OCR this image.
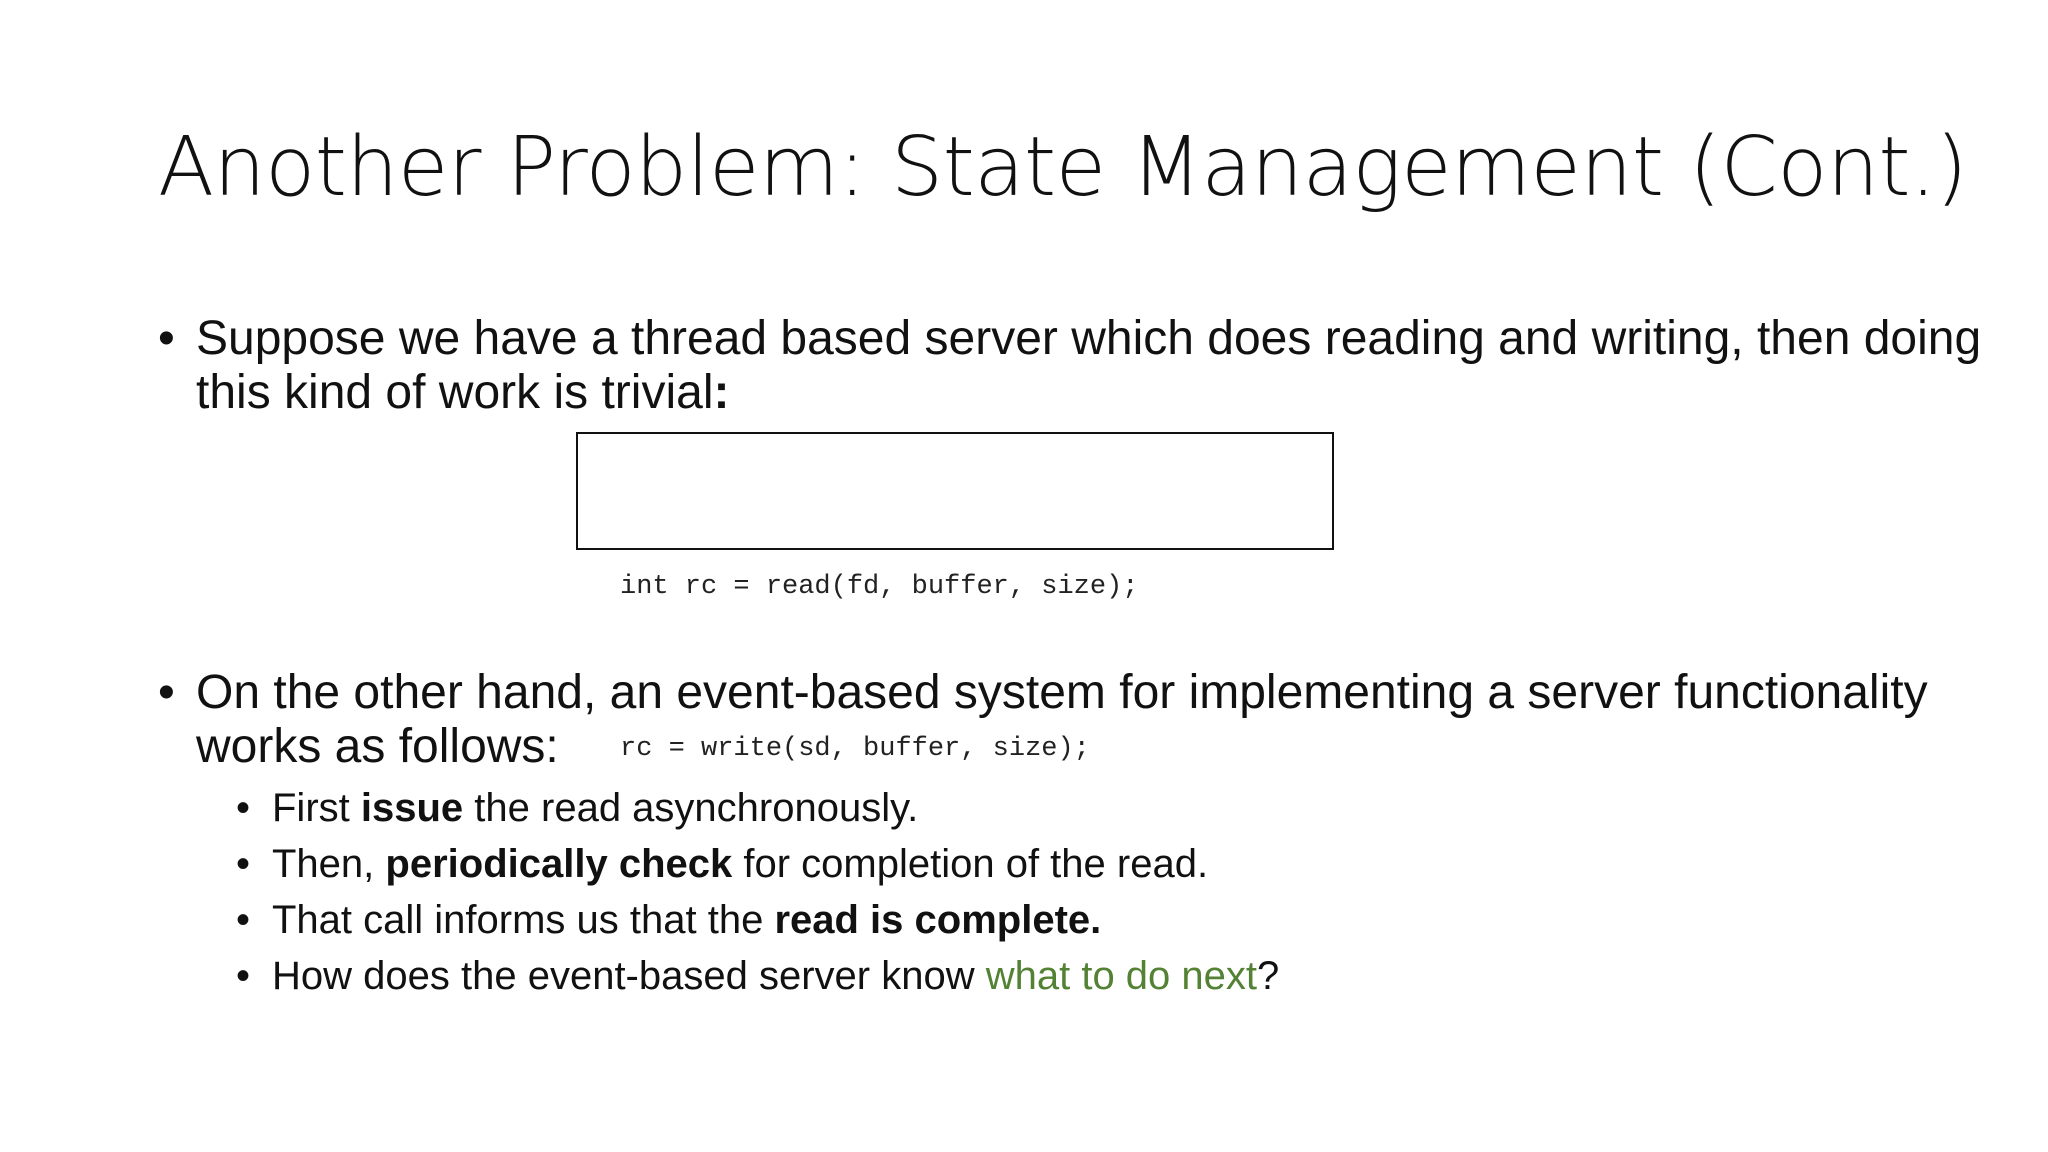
Another Problem: State Management (Cont.)
• Suppose we have a thread based server which does reading and writing, then doing this kind of work is trivial:

int rc = read(fd, buffer, size);

rc = write(sd, buffer, size);

• On the other hand, an event-based system for implementing a server functionality works as follows:
• First issue the read asynchronously.
• Then, periodically check for completion of the read.
• That call informs us that the read is complete.
• How does the event-based server know what to do next?
